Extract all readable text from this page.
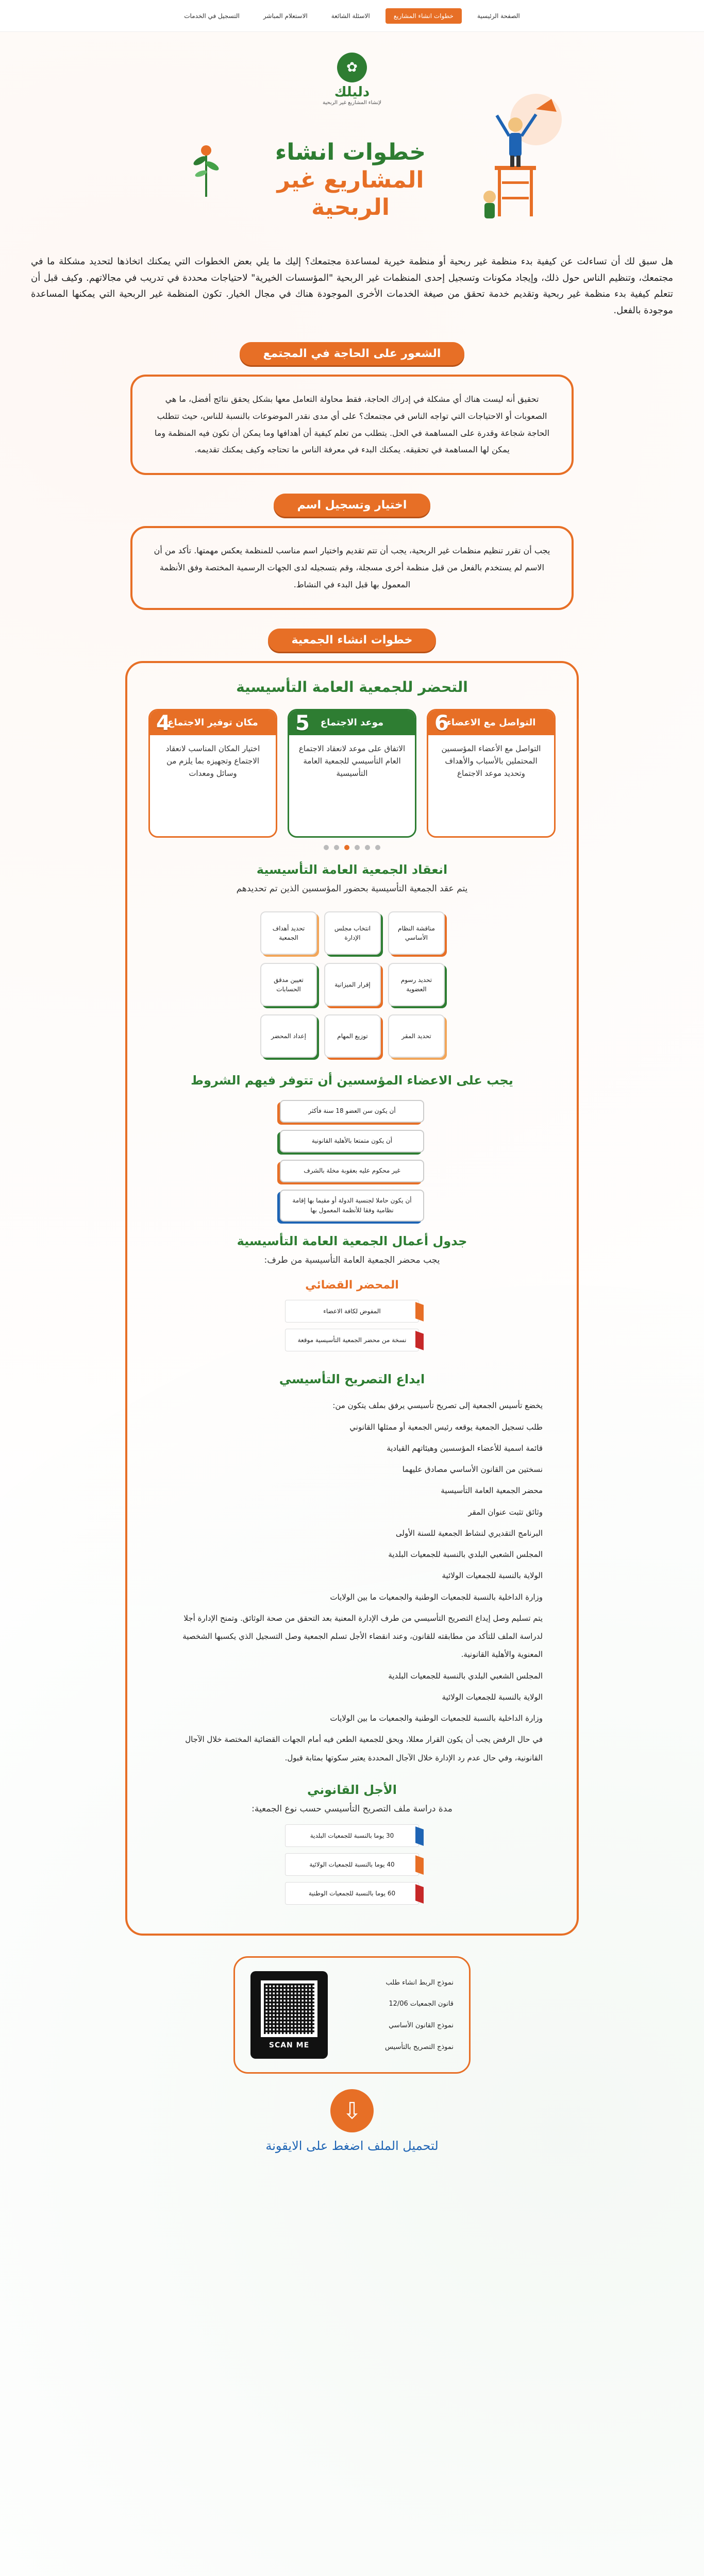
الصفحة الرئيسية
خطوات انشاء المشاريع
الاسئلة الشائعة
الاستعلام المباشر
التسجيل في الخدمات
✿
دليلك
لإنشاء المشاريع غير الربحية
خطوات انشاء
المشاريع غير الربحية

هل سبق لك أن تساءلت عن كيفية بدء منظمة غير ربحية أو منظمة خيرية لمساعدة مجتمعك؟ إليك ما يلي بعض الخطوات التي يمكنك اتخاذها لتحديد مشكلة ما في مجتمعك، وتنظيم الناس حول ذلك، وإيجاد مكونات وتسجيل إحدى المنظمات غير الربحية "المؤسسات الخيرية" لاحتياجات محددة في تدريب في مجالاتهم. وكيف قبل أن تتعلم كيفية بدء منظمة غير ربحية وتقديم خدمة تحقق من صيغة الخدمات الأخرى الموجودة هناك في مجال الخيار. تكون المنظمة غير الربحية التي يمكنها المساعدة موجودة بالفعل.

الشعور على الحاجة في المجتمع

تحقيق أنه ليست هناك أي مشكلة في إدراك الحاجة، فقط محاولة التعامل معها بشكل يحقق نتائج أفضل، ما هي الصعوبات أو الاحتياجات التي تواجه الناس في مجتمعك؟ على أي مدى نقدر الموضوعات بالنسبة للناس، حيث تتطلب الحاجة شجاعة وقدرة على المساهمة في الحل. يتطلب من تعلم كيفية أن أهدافها وما يمكن أن تكون فيه المنظمة وما يمكن لها المساهمة في تحقيقه. يمكنك البدء في معرفة الناس ما تحتاجه وكيف يمكنك تقديمه.

اختيار وتسجيل اسم

يجب أن تقرر تنظيم منظمات غير الربحية، يجب أن تتم تقديم واختيار اسم مناسب للمنظمة يعكس مهمتها. تأكد من أن الاسم لم يستخدم بالفعل من قبل منظمة أخرى مسجلة، وقم بتسجيله لدى الجهات الرسمية المختصة وفق الأنظمة المعمول بها قبل البدء في النشاط.

خطوات انشاء الجمعية
التحضر للجمعية العامة التأسيسية
6
التواصل مع الاعضاء
التواصل مع الأعضاء المؤسسين المحتملين بالأسباب والأهداف وتحديد موعد الاجتماع
5 موعد الاجتماع
الاتفاق على موعد لانعقاد الاجتماع العام التأسيسي للجمعية العامة التأسيسية
4
مكان توفير الاجتماع
اختيار المكان المناسب لانعقاد الاجتماع وتجهيزه بما يلزم من وسائل ومعدات
انعقاد الجمعية العامة التأسيسية

يتم عقد الجمعية التأسيسية بحضور المؤسسين الذين تم تحديدهم

مناقشة النظام الأساسي
انتخاب مجلس الإدارة
تحديد أهداف الجمعية
تحديد رسوم العضوية
إقرار الميزانية
تعيين مدقق الحسابات
تحديد المقر
توزيع المهام
إعداد المحضر
يجب على الاعضاء المؤسسين أن تتوفر فيهم الشروط
أن يكون سن العضو 18 سنة فأكثر
أن يكون متمتعا بالأهلية القانونية
غير محكوم عليه بعقوبة مخلة بالشرف
أن يكون حاملا لجنسية الدولة أو مقيما بها إقامة نظامية وفقا للأنظمة المعمول بها
جدول أعمال الجمعية العامة التأسيسية

يجب محضر الجمعية العامة التأسيسية من طرف:

المحضر القضائي
المفوض لكافة الاعضاء
نسخة من محضر الجمعية التأسيسية موقعة
ايداع التصريح التأسيسي

يخضع تأسيس الجمعية إلى تصريح تأسيسي يرفق بملف يتكون من:

طلب تسجيل الجمعية يوقعه رئيس الجمعية أو ممثلها القانوني

قائمة اسمية للأعضاء المؤسسين وهيئاتهم القيادية

نسختين من القانون الأساسي مصادق عليهما

محضر الجمعية العامة التأسيسية

وثائق تثبت عنوان المقر

البرنامج التقديري لنشاط الجمعية للسنة الأولى

المجلس الشعبي البلدي بالنسبة للجمعيات البلدية

الولاية بالنسبة للجمعيات الولائية

وزارة الداخلية بالنسبة للجمعيات الوطنية والجمعيات ما بين الولايات

يتم تسليم وصل إيداع التصريح التأسيسي من طرف الإدارة المعنية بعد التحقق من صحة الوثائق. وتمنح الإدارة أجلا لدراسة الملف للتأكد من مطابقته للقانون، وعند انقضاء الأجل تسلم الجمعية وصل التسجيل الذي يكسبها الشخصية المعنوية والأهلية القانونية.

المجلس الشعبي البلدي بالنسبة للجمعيات البلدية

الولاية بالنسبة للجمعيات الولائية

وزارة الداخلية بالنسبة للجمعيات الوطنية والجمعيات ما بين الولايات

في حال الرفض يجب أن يكون القرار معللا، ويحق للجمعية الطعن فيه أمام الجهات القضائية المختصة خلال الآجال القانونية، وفي حال عدم رد الإدارة خلال الآجال المحددة يعتبر سكوتها بمثابة قبول.

الأجل القانوني

مدة دراسة ملف التصريح التأسيسي حسب نوع الجمعية:

30 يوما بالنسبة للجمعيات البلدية
40 يوما بالنسبة للجمعيات الولائية
60 يوما بالنسبة للجمعيات الوطنية
نموذج الربط انشاء طلب
قانون الجمعيات 12/06
نموذج القانون الأساسي
نموذج التصريح بالتأسيس
SCAN ME
⇩
لتحميل الملف اضغط على الايقونة
